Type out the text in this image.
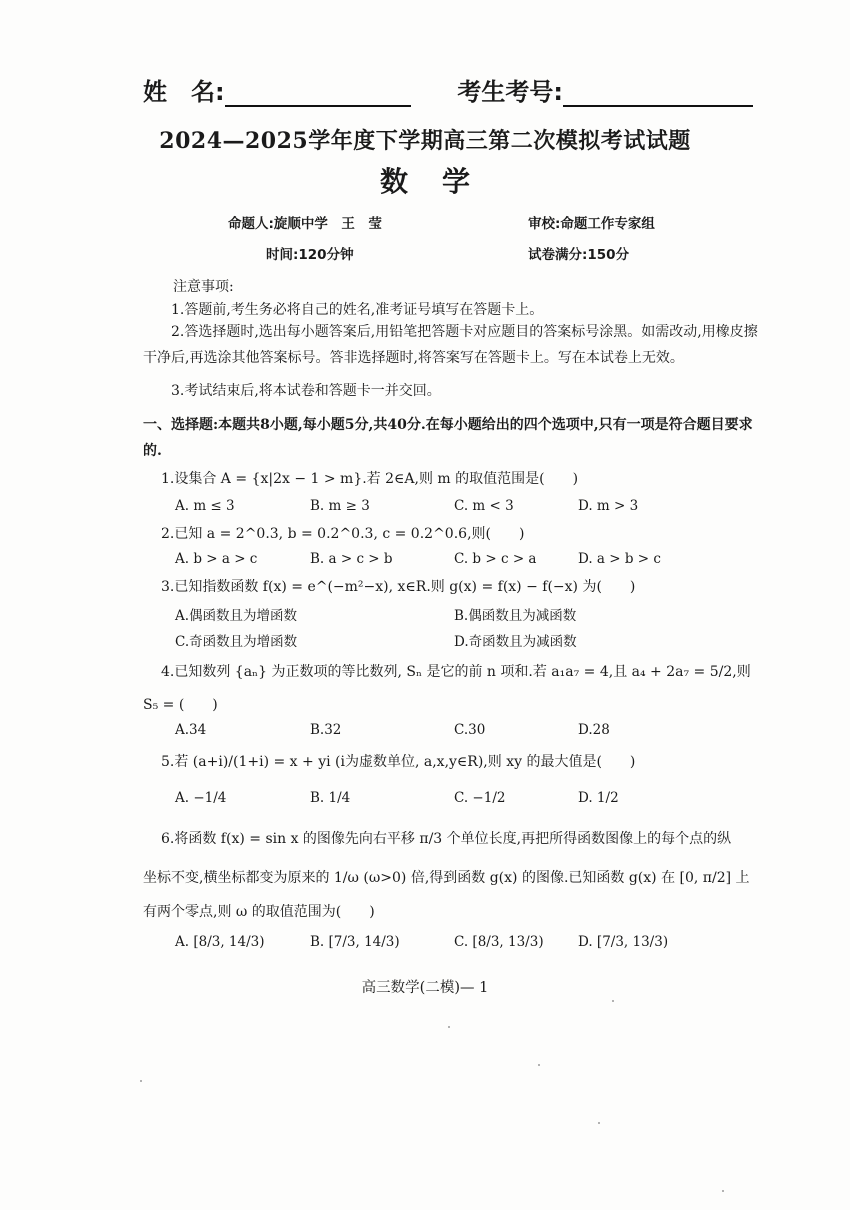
姓　名:	考生考号:
2024—2025学年度下学期高三第二次模拟考试试题
数学
命题人:旋顺中学　王　莹	审校:命题工作专家组
时间:120分钟	试卷满分:150分
注意事项:
1.答题前,考生务必将自己的姓名,准考证号填写在答题卡上。
2.答选择题时,选出每小题答案后,用铅笔把答题卡对应题目的答案标号涂黑。如需改动,用橡皮擦干净后,再选涂其他答案标号。答非选择题时,将答案写在答题卡上。写在本试卷上无效。
3.考试结束后,将本试卷和答题卡一并交回。
一、选择题:本题共8小题,每小题5分,共40分.在每小题给出的四个选项中,只有一项是符合题目要求的.
1.设集合 A = {x|2x − 1 > m}.若 2∈A,则 m 的取值范围是(　　)
A. m ≤ 3	B. m ≥ 3	C. m < 3	D. m > 3
2.已知 a = 2^0.3, b = 0.2^0.3, c = 0.2^0.6,则(　　)
A. b > a > c	B. a > c > b	C. b > c > a	D. a > b > c
3.已知指数函数 f(x) = e^(−m²−x), x∈R.则 g(x) = f(x) − f(−x) 为(　　)
A.偶函数且为增函数	B.偶函数且为减函数
C.奇函数且为增函数	D.奇函数且为减函数
4.已知数列 {aₙ} 为正数项的等比数列, Sₙ 是它的前 n 项和.若 a₁a₇ = 4,且 a₄ + 2a₇ = 5/2,则
S₅ = (　　)
A.34	B.32	C.30	D.28
5.若 (a+i)/(1+i) = x + yi (i为虚数单位, a,x,y∈R),则 xy 的最大值是(　　)
A. −1/4	B. 1/4	C. −1/2	D. 1/2
6.将函数 f(x) = sin x 的图像先向右平移 π/3 个单位长度,再把所得函数图像上的每个点的纵
坐标不变,横坐标都变为原来的 1/ω (ω>0) 倍,得到函数 g(x) 的图像.已知函数 g(x) 在 [0, π/2] 上
有两个零点,则 ω 的取值范围为(　　)
A. [8/3, 14/3)	B. [7/3, 14/3)	C. [8/3, 13/3)	D. [7/3, 13/3)
高三数学(二模)— 1
